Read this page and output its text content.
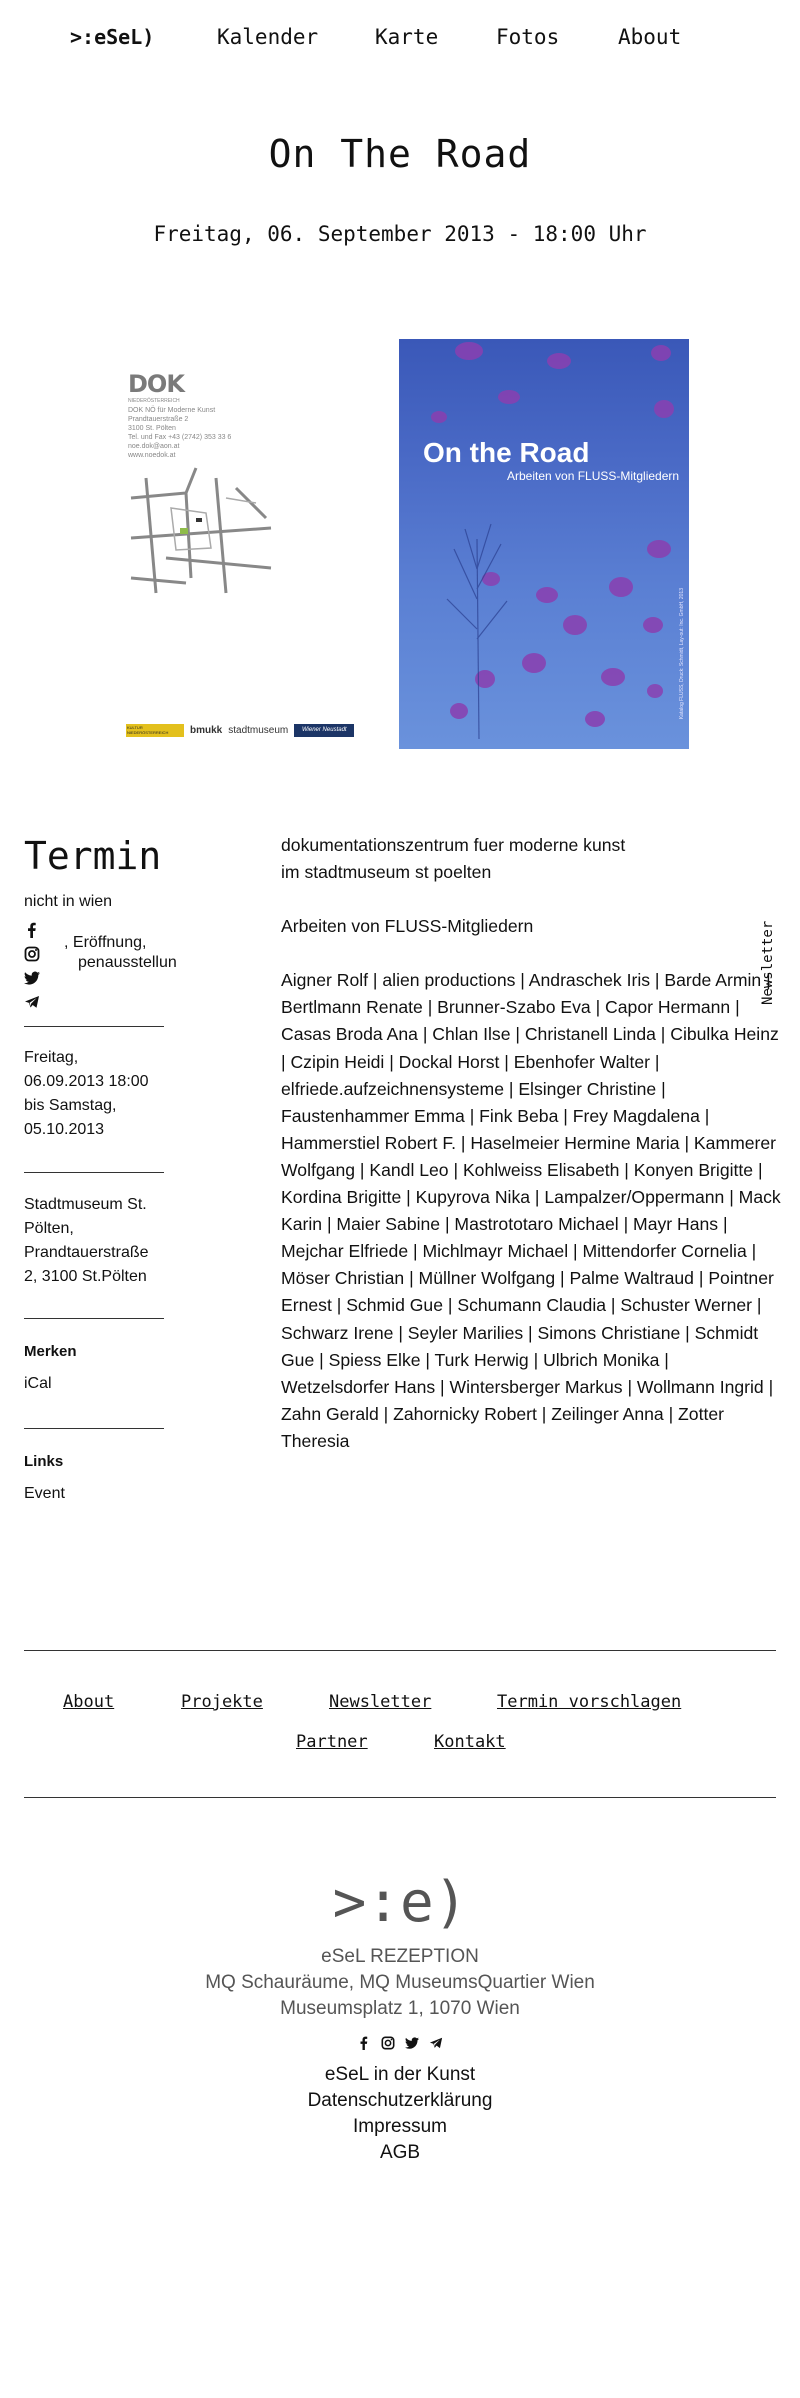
>:eSeL)	Kalender	Karte	Fotos	About
On The Road
Freitag, 06. September 2013 - 18:00 Uhr
DOK
NIEDERÖSTERREICH
DOK NÖ für Moderne Kunst
Prandtauerstraße 2
3100 St. Pölten
Tel. und Fax +43 (2742) 353 33 6
noe.dok@aon.at
www.noedok.at
KULTUR NIEDERÖSTERREICH	bmukk stadtmuseum	Wiener Neustadt
On the Road
Arbeiten von FLUSS-Mitgliedern
Katalog FLUSS, Druck: Schmidt, Lay-out: Inc. GmbH, 2013
Termin
nicht in wien
, Eröffnung,
penausstellun
Freitag,
06.09.2013 18:00
bis Samstag,
05.10.2013
Stadtmuseum St.
Pölten,
Prandtauerstraße
2, 3100 St.Pölten
Merken
iCal
Links
Event
Newsletter

dokumentationszentrum fuer moderne kunst
im stadtmuseum st poelten

Arbeiten von FLUSS-Mitgliedern

Aigner Rolf | alien productions | Andraschek Iris | Barde Armin | Bertlmann Renate | Brunner-Szabo Eva | Capor Hermann | Casas Broda Ana | Chlan Ilse | Christanell Linda | Cibulka Heinz | Czipin Heidi | Dockal Horst | Ebenhofer Walter | elfriede.aufzeichnensysteme | Elsinger Christine | Faustenhammer Emma | Fink Beba | Frey Magdalena | Hammerstiel Robert F. | Haselmeier Hermine Maria | Kammerer Wolfgang | Kandl Leo | Kohlweiss Elisabeth | Konyen Brigitte | Kordina Brigitte | Kupyrova Nika | Lampalzer/Oppermann | Mack Karin | Maier Sabine | Mastrototaro Michael | Mayr Hans | Mejchar Elfriede | Michlmayr Michael | Mittendorfer Cornelia | Möser Christian | Müllner Wolfgang | Palme Waltraud | Pointner Ernest | Schmid Gue | Schumann Claudia | Schuster Werner | Schwarz Irene | Seyler Marilies | Simons Christiane | Schmidt Gue | Spiess Elke | Turk Herwig | Ulbrich Monika | Wetzelsdorfer Hans | Wintersberger Markus | Wollmann Ingrid | Zahn Gerald | Zahornicky Robert | Zeilinger Anna | Zotter Theresia

About	Projekte	Newsletter	Termin vorschlagen
Partner	Kontakt
>:e)
eSeL REZEPTION
MQ Schauräume, MQ MuseumsQuartier Wien
Museumsplatz 1, 1070 Wien
eSeL in der Kunst
Datenschutzerklärung
Impressum
AGB
